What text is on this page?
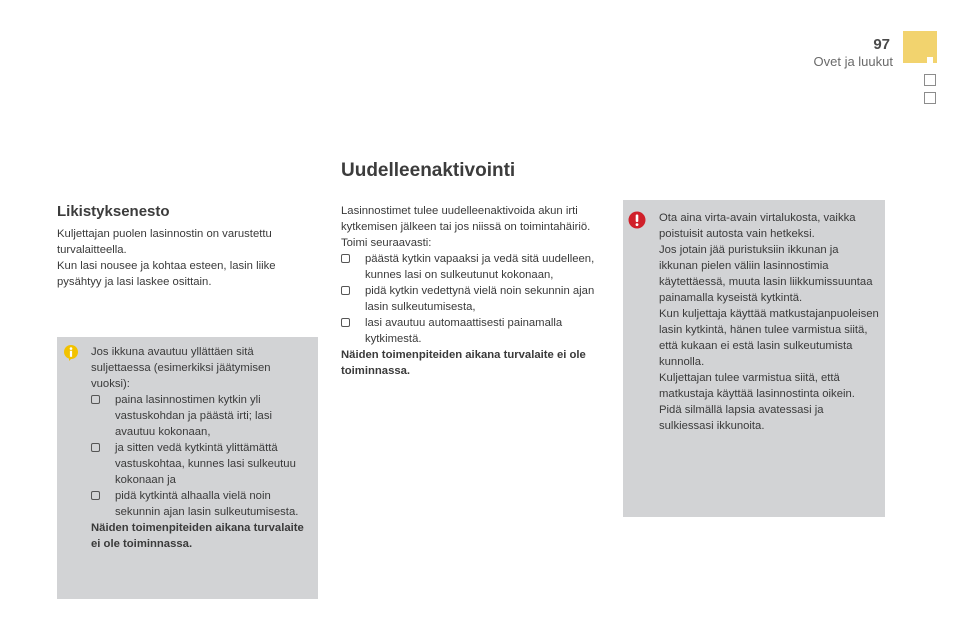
97
Ovet ja luukut
Uudelleenaktivointi
Likistyksenesto

Kuljettajan puolen lasinnostin on varustettu turvalaitteella.

Kun lasi nousee ja kohtaa esteen, lasin liike pysähtyy ja lasi laskee osittain.

Jos ikkuna avautuu yllättäen sitä suljettaessa (esimerkiksi jäätymisen vuoksi):

paina lasinnostimen kytkin yli vastuskohdan ja päästä irti; lasi avautuu kokonaan,
ja sitten vedä kytkintä ylittämättä vastuskohtaa, kunnes lasi sulkeutuu kokonaan ja
pidä kytkintä alhaalla vielä noin sekunnin ajan lasin sulkeutumisesta.

Näiden toimenpiteiden aikana turvalaite ei ole toiminnassa.

Lasinnostimet tulee uudelleenaktivoida akun irti kytkemisen jälkeen tai jos niissä on toimintahäiriö. Toimi seuraavasti:

päästä kytkin vapaaksi ja vedä sitä uudelleen, kunnes lasi on sulkeutunut kokonaan,
pidä kytkin vedettynä vielä noin sekunnin ajan lasin sulkeutumisesta,
lasi avautuu automaattisesti painamalla kytkimestä.

Näiden toimenpiteiden aikana turvalaite ei ole toiminnassa.

Ota aina virta-avain virtalukosta, vaikka poistuisit autosta vain hetkeksi.

Jos jotain jää puristuksiin ikkunan ja ikkunan pielen väliin lasinnostimia käytettäessä, muuta lasin liikkumissuuntaa painamalla kyseistä kytkintä.

Kun kuljettaja käyttää matkustajanpuoleisen lasin kytkintä, hänen tulee varmistua siitä, että kukaan ei estä lasin sulkeutumista kunnolla.

Kuljettajan tulee varmistua siitä, että matkustaja käyttää lasinnostinta oikein.

Pidä silmällä lapsia avatessasi ja sulkiessasi ikkunoita.
